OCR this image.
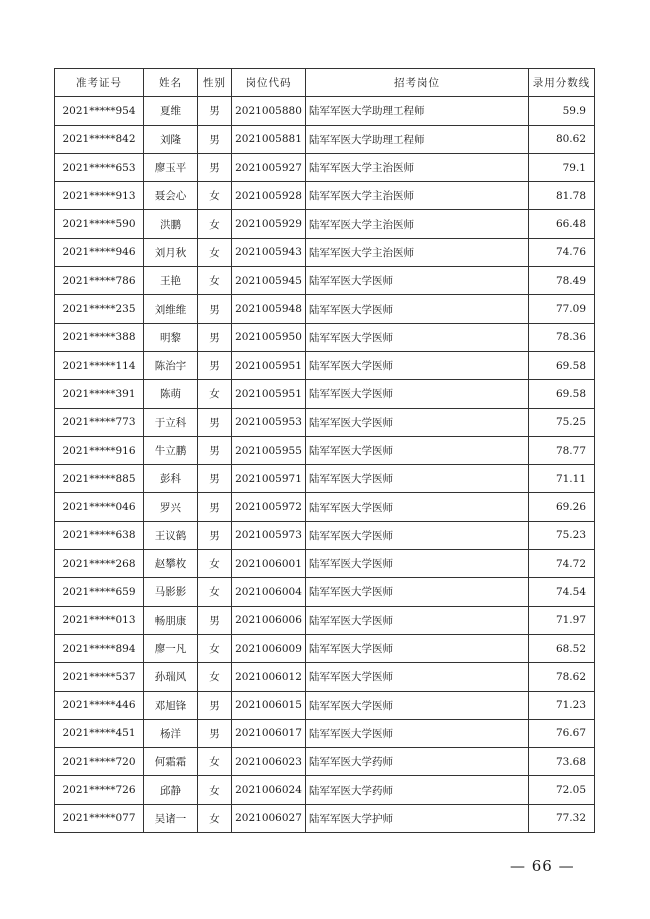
准考证号	姓名	性别	岗位代码	招考岗位	录用分数线
2021*****954	夏维	男	2021005880	陆军军医大学助理工程师	59.9
2021*****842	刘隆	男	2021005881	陆军军医大学助理工程师	80.62
2021*****653	廖玉平	男	2021005927	陆军军医大学主治医师	79.1
2021*****913	聂会心	女	2021005928	陆军军医大学主治医师	81.78
2021*****590	洪鹏	女	2021005929	陆军军医大学主治医师	66.48
2021*****946	刘月秋	女	2021005943	陆军军医大学主治医师	74.76
2021*****786	王艳	女	2021005945	陆军军医大学医师	78.49
2021*****235	刘维维	男	2021005948	陆军军医大学医师	77.09
2021*****388	明黎	男	2021005950	陆军军医大学医师	78.36
2021*****114	陈治宇	男	2021005951	陆军军医大学医师	69.58
2021*****391	陈萌	女	2021005951	陆军军医大学医师	69.58
2021*****773	于立科	男	2021005953	陆军军医大学医师	75.25
2021*****916	牛立鹏	男	2021005955	陆军军医大学医师	78.77
2021*****885	彭科	男	2021005971	陆军军医大学医师	71.11
2021*****046	罗兴	男	2021005972	陆军军医大学医师	69.26
2021*****638	王议鹤	男	2021005973	陆军军医大学医师	75.23
2021*****268	赵攀枚	女	2021006001	陆军军医大学医师	74.72
2021*****659	马影影	女	2021006004	陆军军医大学医师	74.54
2021*****013	畅朋康	男	2021006006	陆军军医大学医师	71.97
2021*****894	廖一凡	女	2021006009	陆军军医大学医师	68.52
2021*****537	孙瑞风	女	2021006012	陆军军医大学医师	78.62
2021*****446	邓旭锋	男	2021006015	陆军军医大学医师	71.23
2021*****451	杨洋	男	2021006017	陆军军医大学医师	76.67
2021*****720	何霜霜	女	2021006023	陆军军医大学药师	73.68
2021*****726	邱静	女	2021006024	陆军军医大学药师	72.05
2021*****077	吴诸一	女	2021006027	陆军军医大学护师	77.32
— 66 —
